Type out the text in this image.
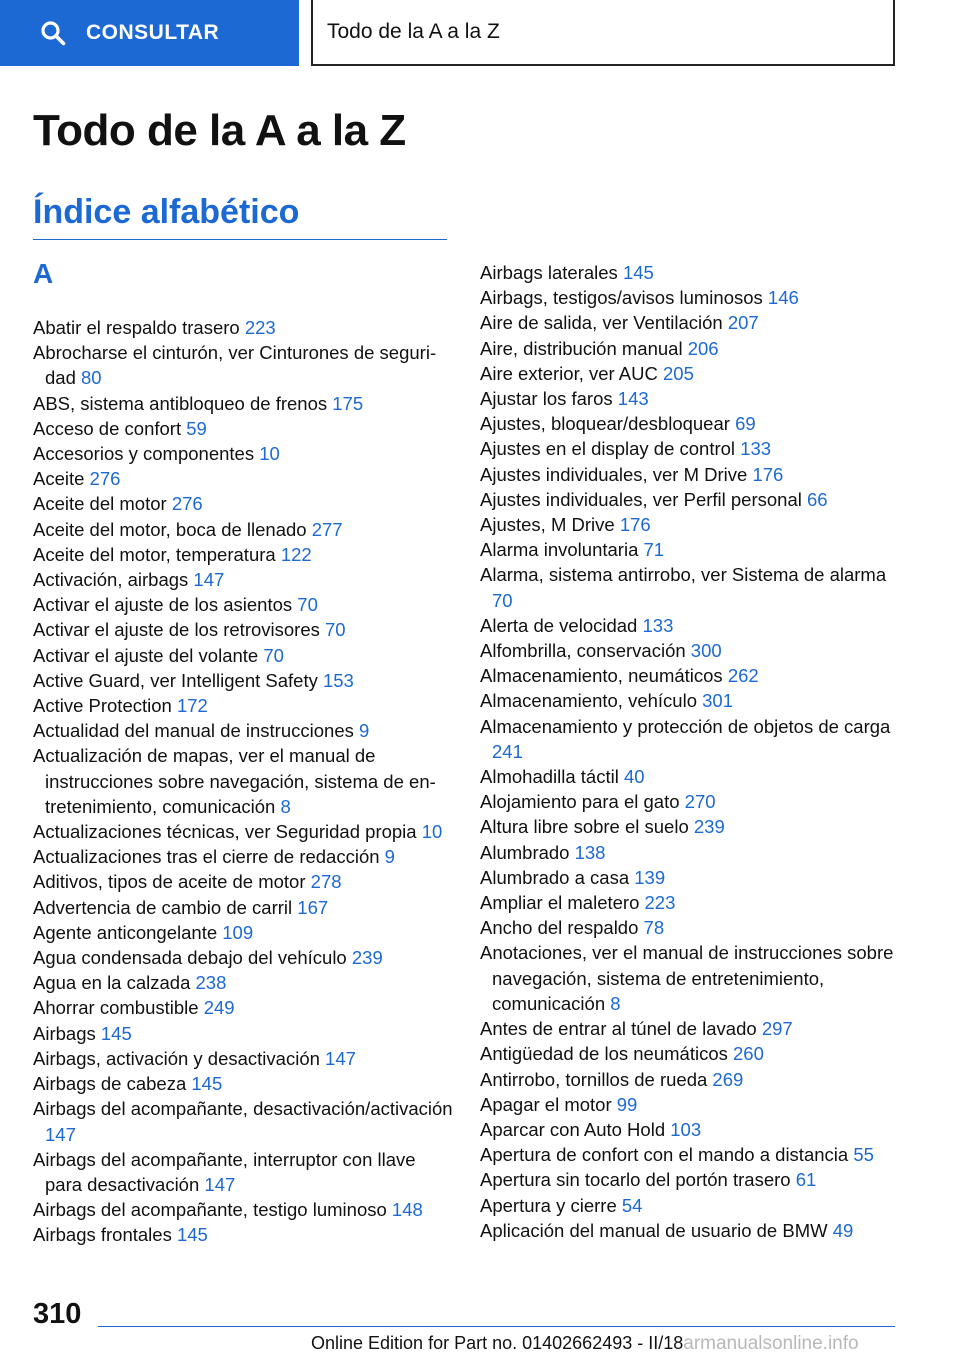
CONSULTAR	Todo de la A a la Z
Todo de la A a la Z
Índice alfabético
A
Abatir el respaldo trasero 223
Abrocharse el cinturón, ver Cinturones de seguridad 80
ABS, sistema antibloqueo de frenos 175
Acceso de confort 59
Accesorios y componentes 10
Aceite 276
Aceite del motor 276
Aceite del motor, boca de llenado 277
Aceite del motor, temperatura 122
Activación, airbags 147
Activar el ajuste de los asientos 70
Activar el ajuste de los retrovisores 70
Activar el ajuste del volante 70
Active Guard, ver Intelligent Safety 153
Active Protection 172
Actualidad del manual de instrucciones 9
Actualización de mapas, ver el manual de instrucciones sobre navegación, sistema de entretenimiento, comunicación 8
Actualizaciones técnicas, ver Seguridad propia 10
Actualizaciones tras el cierre de redacción 9
Aditivos, tipos de aceite de motor 278
Advertencia de cambio de carril 167
Agente anticongelante 109
Agua condensada debajo del vehículo 239
Agua en la calzada 238
Ahorrar combustible 249
Airbags 145
Airbags, activación y desactivación 147
Airbags de cabeza 145
Airbags del acompañante, desactivación/activación 147
Airbags del acompañante, interruptor con llave para desactivación 147
Airbags del acompañante, testigo luminoso 148
Airbags frontales 145
Airbags laterales 145
Airbags, testigos/avisos luminosos 146
Aire de salida, ver Ventilación 207
Aire, distribución manual 206
Aire exterior, ver AUC 205
Ajustar los faros 143
Ajustes, bloquear/desbloquear 69
Ajustes en el display de control 133
Ajustes individuales, ver M Drive 176
Ajustes individuales, ver Perfil personal 66
Ajustes, M Drive 176
Alarma involuntaria 71
Alarma, sistema antirrobo, ver Sistema de alarma 70
Alerta de velocidad 133
Alfombrilla, conservación 300
Almacenamiento, neumáticos 262
Almacenamiento, vehículo 301
Almacenamiento y protección de objetos de carga 241
Almohadilla táctil 40
Alojamiento para el gato 270
Altura libre sobre el suelo 239
Alumbrado 138
Alumbrado a casa 139
Ampliar el maletero 223
Ancho del respaldo 78
Anotaciones, ver el manual de instrucciones sobre navegación, sistema de entretenimiento, comunicación 8
Antes de entrar al túnel de lavado 297
Antigüedad de los neumáticos 260
Antirrobo, tornillos de rueda 269
Apagar el motor 99
Aparcar con Auto Hold 103
Apertura de confort con el mando a distancia 55
Apertura sin tocarlo del portón trasero 61
Apertura y cierre 54
Aplicación del manual de usuario de BMW 49
310
Online Edition for Part no. 01402662493 - II/18armanualsonline.info
